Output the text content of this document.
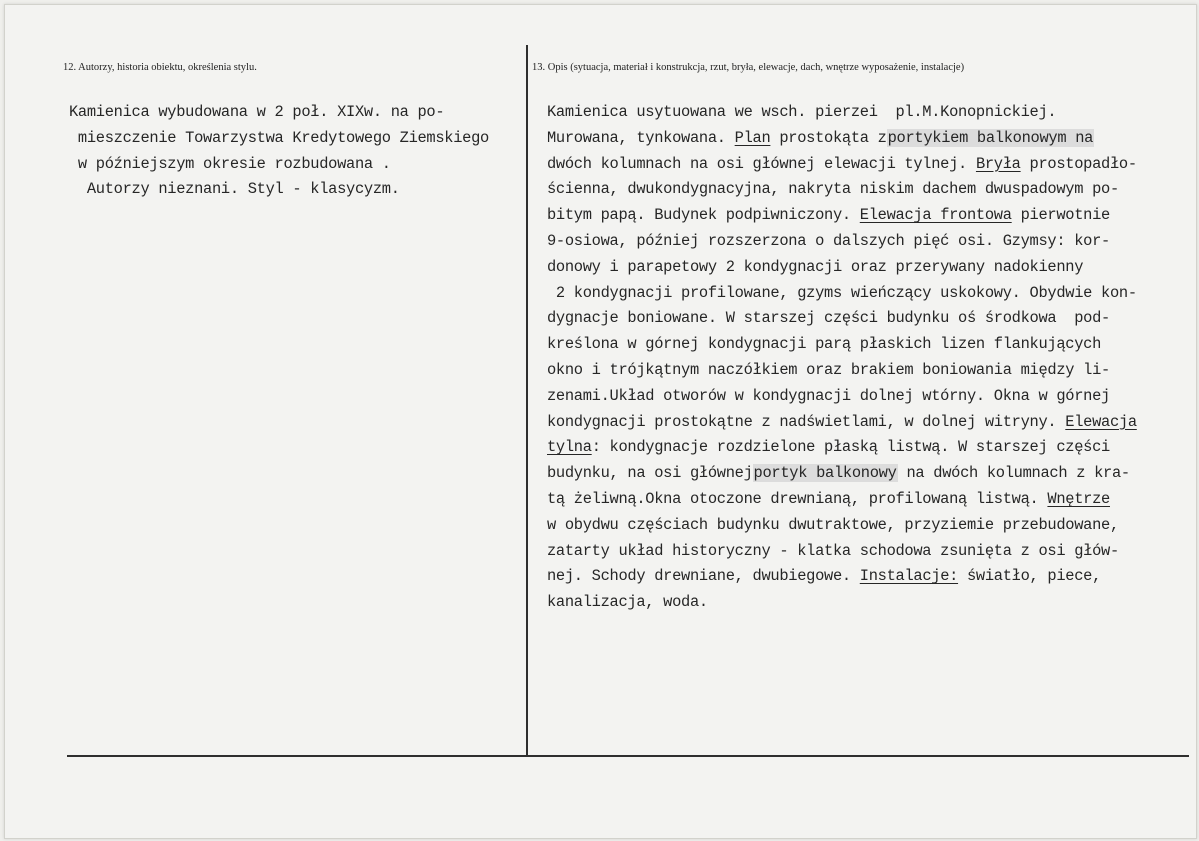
12. Autorzy, historia obiektu, określenia stylu.	13. Opis (sytuacja, materiał i konstrukcja, rzut, bryła, elewacje, dach, wnętrze wyposażenie, instalacje)
Kamienica wybudowana w 2 poł. XIXw. na po-
mieszczenie Towarzystwa Kredytowego Ziemskiego
w późniejszym okresie rozbudowana .
Autorzy nieznani. Styl - klasycyzm.
Kamienica usytuowana we wsch. pierzei  pl.M.Konopnickiej.
Murowana, tynkowana. Plan prostokąta zportykiem balkonowym na
dwóch kolumnach na osi głównej elewacji tylnej. Bryła prostopadło-
ścienna, dwukondygnacyjna, nakryta niskim dachem dwuspadowym po-
bitym papą. Budynek podpiwniczony. Elewacja frontowa pierwotnie
9-osiowa, później rozszerzona o dalszych pięć osi. Gzymsy: kor-
donowy i parapetowy 2 kondygnacji oraz przerywany nadokienny
2 kondygnacji profilowane, gzyms wieńczący uskokowy. Obydwie kon-
dygnacje boniowane. W starszej części budynku oś środkowa  pod-
kreślona w górnej kondygnacji parą płaskich lizen flankujących
okno i trójkątnym naczółkiem oraz brakiem boniowania między li-
zenami.Układ otworów w kondygnacji dolnej wtórny. Okna w górnej
kondygnacji prostokątne z nadświetlami, w dolnej witryny. Elewacja
tylna: kondygnacje rozdzielone płaską listwą. W starszej części
budynku, na osi głównejportyk balkonowy na dwóch kolumnach z kra-
tą żeliwną.Okna otoczone drewnianą, profilowaną listwą. Wnętrze
w obydwu częściach budynku dwutraktowe, przyziemie przebudowane,
zatarty układ historyczny - klatka schodowa zsunięta z osi głów-
nej. Schody drewniane, dwubiegowe. Instalacje: światło, piece,
kanalizacja, woda.
